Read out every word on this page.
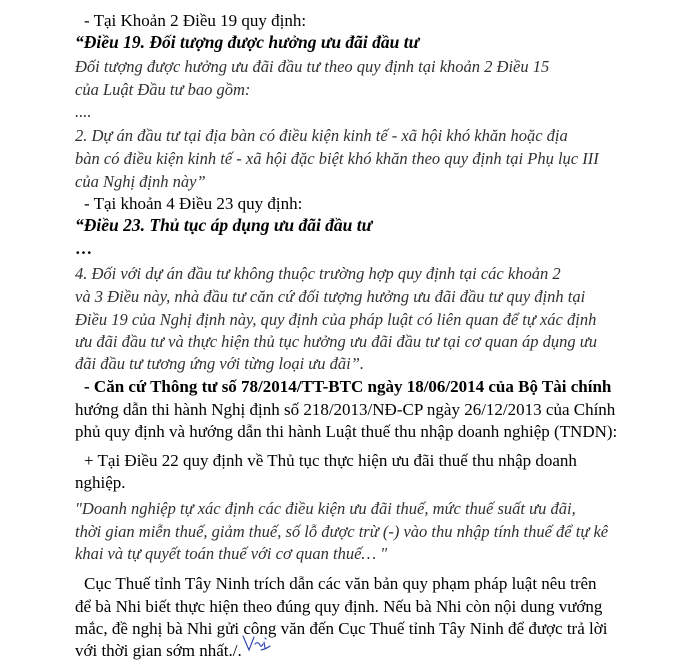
- Tại Khoản 2 Điều 19 quy định:
“Điều 19. Đối tượng được hưởng ưu đãi đầu tư
Đối tượng được hưởng ưu đãi đầu tư theo quy định tại khoản 2 Điều 15
của Luật Đầu tư bao gồm:
....
2. Dự án đầu tư tại địa bàn có điều kiện kinh tế - xã hội khó khăn hoặc địa
bàn có điều kiện kinh tế - xã hội đặc biệt khó khăn theo quy định tại Phụ lục III
của Nghị định này”
- Tại khoản 4 Điều 23 quy định:
“Điều 23. Thủ tục áp dụng ưu đãi đầu tư
…
4. Đối với dự án đầu tư không thuộc trường hợp quy định tại các khoản 2
và 3 Điều này, nhà đầu tư căn cứ đối tượng hưởng ưu đãi đầu tư quy định tại
Điều 19 của Nghị định này, quy định của pháp luật có liên quan để tự xác định
ưu đãi đầu tư và thực hiện thủ tục hưởng ưu đãi đầu tư tại cơ quan áp dụng ưu
đãi đầu tư tương ứng với từng loại ưu đãi”.
- Căn cứ Thông tư số 78/2014/TT-BTC ngày 18/06/2014 của Bộ Tài chính
hướng dẫn thi hành Nghị định số 218/2013/NĐ-CP ngày 26/12/2013 của Chính
phủ quy định và hướng dẫn thi hành Luật thuế thu nhập doanh nghiệp (TNDN):
+ Tại Điều 22 quy định về Thủ tục thực hiện ưu đãi thuế thu nhập doanh
nghiệp.
"Doanh nghiệp tự xác định các điều kiện ưu đãi thuế, mức thuế suất ưu đãi,
thời gian miễn thuế, giảm thuế, số lỗ được trừ (-) vào thu nhập tính thuế để tự kê
khai và tự quyết toán thuế với cơ quan thuế… "
Cục Thuế tỉnh Tây Ninh trích dẫn các văn bản quy phạm pháp luật nêu trên
để bà Nhi biết thực hiện theo đúng quy định. Nếu bà Nhi còn nội dung vướng
mắc, đề nghị bà Nhi gửi công văn đến Cục Thuế tỉnh Tây Ninh để được trả lời
với thời gian sớm nhất./.
